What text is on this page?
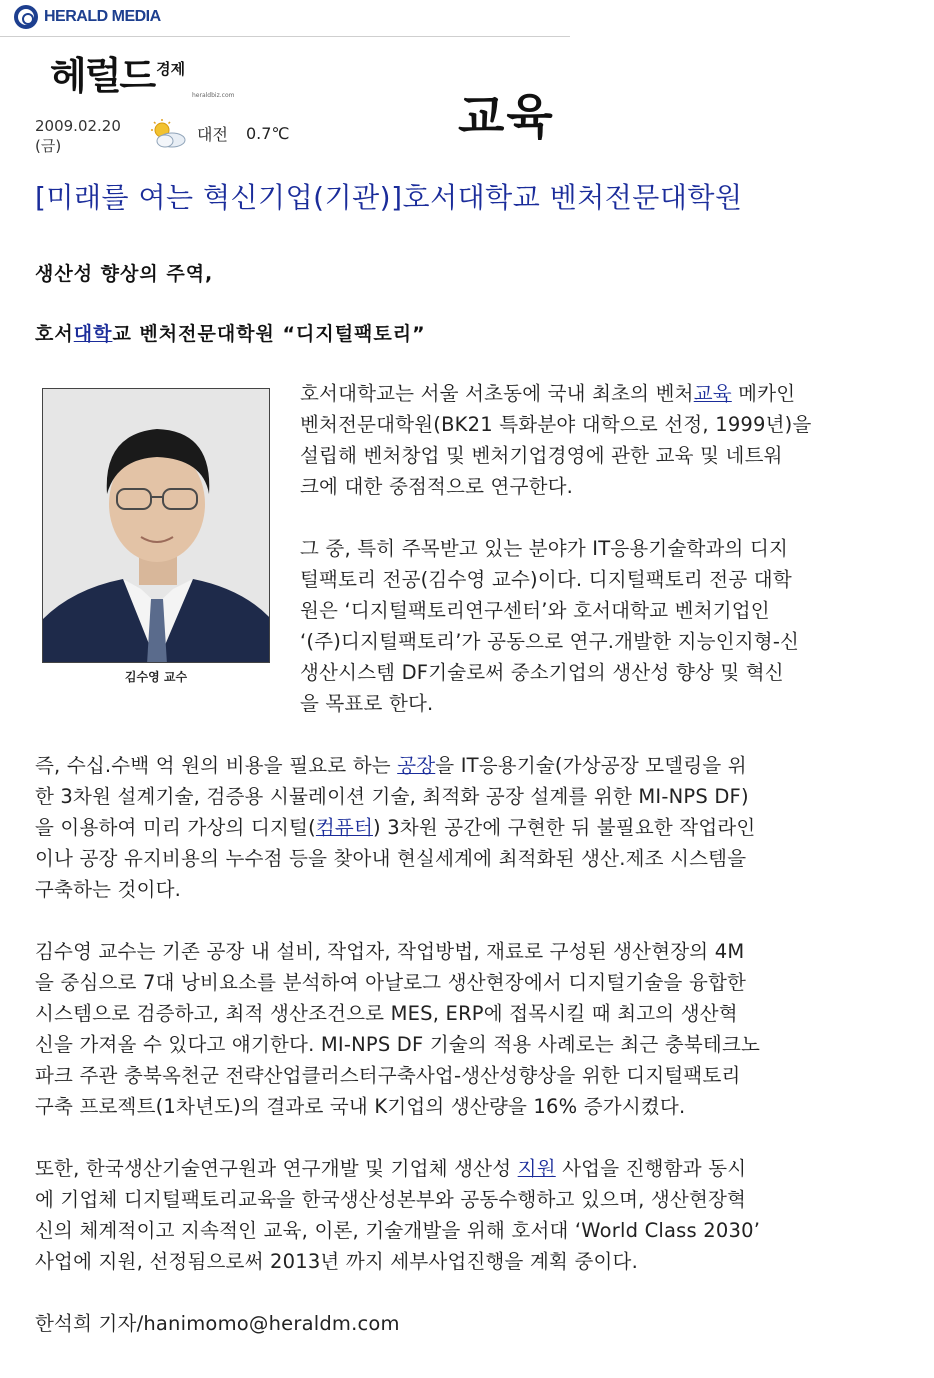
HERALD MEDIA
헤럴드 경제
heraldbiz.com
2009.02.20
(금)
대전 0.7℃	교육
[미래를 여는 혁신기업(기관)]호서대학교 벤처전문대학원
생산성 향상의 주역,
호서대학교 벤처전문대학원 “디지털팩토리”
김수영 교수

호서대학교는 서울 서초동에 국내 최초의 벤처교육 메카인
벤처전문대학원(BK21 특화분야 대학으로 선정, 1999년)을
설립해 벤처창업 및 벤처기업경영에 관한 교육 및 네트워
크에 대한 중점적으로 연구한다.

그 중, 특히 주목받고 있는 분야가 IT응용기술학과의 디지
털팩토리 전공(김수영 교수)이다. 디지털팩토리 전공 대학
원은 ‘디지털팩토리연구센터’와 호서대학교 벤처기업인
‘(주)디지털팩토리’가 공동으로 연구.개발한 지능인지형-신
생산시스템 DF기술로써 중소기업의 생산성 향상 및 혁신
을 목표로 한다.

즉, 수십.수백 억 원의 비용을 필요로 하는 공장을 IT응용기술(가상공장 모델링을 위
한 3차원 설계기술, 검증용 시뮬레이션 기술, 최적화 공장 설계를 위한 MI-NPS DF)
을 이용하여 미리 가상의 디지털(컴퓨터) 3차원 공간에 구현한 뒤 불필요한 작업라인
이나 공장 유지비용의 누수점 등을 찾아내 현실세계에 최적화된 생산.제조 시스템을
구축하는 것이다.

김수영 교수는 기존 공장 내 설비, 작업자, 작업방법, 재료로 구성된 생산현장의 4M
을 중심으로 7대 낭비요소를 분석하여 아날로그 생산현장에서 디지털기술을 융합한
시스템으로 검증하고, 최적 생산조건으로 MES, ERP에 접목시킬 때 최고의 생산혁
신을 가져올 수 있다고 얘기한다. MI-NPS DF 기술의 적용 사례로는 최근 충북테크노
파크 주관 충북옥천군 전략산업클러스터구축사업-생산성향상을 위한 디지털팩토리
구축 프로젝트(1차년도)의 결과로 국내 K기업의 생산량을 16% 증가시켰다.

또한, 한국생산기술연구원과 연구개발 및 기업체 생산성 지원 사업을 진행함과 동시
에 기업체 디지털팩토리교육을 한국생산성본부와 공동수행하고 있으며, 생산현장혁
신의 체계적이고 지속적인 교육, 이론, 기술개발을 위해 호서대 ‘World Class 2030’
사업에 지원, 선정됨으로써 2013년 까지 세부사업진행을 계획 중이다.

한석희 기자/hanimomo@heraldm.com
